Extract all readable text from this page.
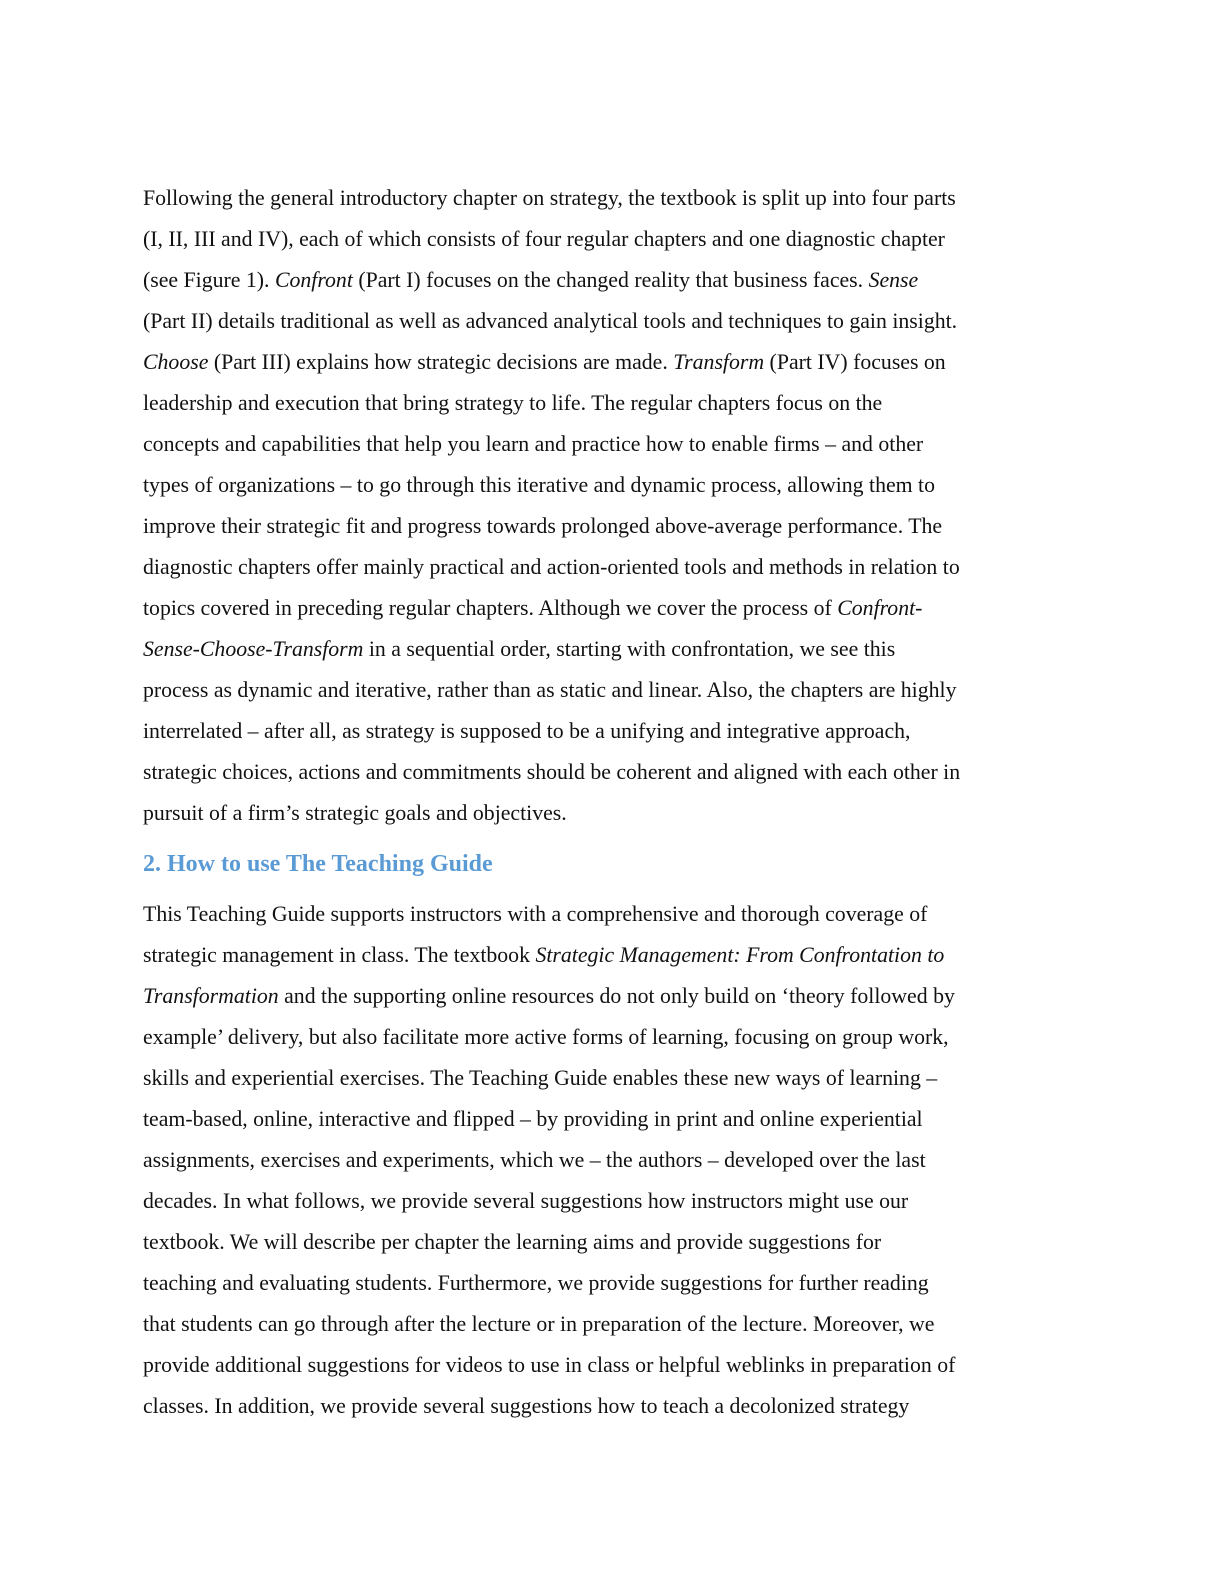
Following the general introductory chapter on strategy, the textbook is split up into four parts
(I, II, III and IV), each of which consists of four regular chapters and one diagnostic chapter
(see Figure 1). Confront (Part I) focuses on the changed reality that business faces. Sense
(Part II) details traditional as well as advanced analytical tools and techniques to gain insight.
Choose (Part III) explains how strategic decisions are made. Transform (Part IV) focuses on
leadership and execution that bring strategy to life. The regular chapters focus on the
concepts and capabilities that help you learn and practice how to enable firms – and other
types of organizations – to go through this iterative and dynamic process, allowing them to
improve their strategic fit and progress towards prolonged above-average performance. The
diagnostic chapters offer mainly practical and action-oriented tools and methods in relation to
topics covered in preceding regular chapters. Although we cover the process of Confront-
Sense-Choose-Transform in a sequential order, starting with confrontation, we see this
process as dynamic and iterative, rather than as static and linear. Also, the chapters are highly
interrelated – after all, as strategy is supposed to be a unifying and integrative approach,
strategic choices, actions and commitments should be coherent and aligned with each other in
pursuit of a firm’s strategic goals and objectives.
2. How to use The Teaching Guide
This Teaching Guide supports instructors with a comprehensive and thorough coverage of
strategic management in class. The textbook Strategic Management: From Confrontation to
Transformation and the supporting online resources do not only build on ‘theory followed by
example’ delivery, but also facilitate more active forms of learning, focusing on group work,
skills and experiential exercises. The Teaching Guide enables these new ways of learning –
team-based, online, interactive and flipped – by providing in print and online experiential
assignments, exercises and experiments, which we – the authors – developed over the last
decades. In what follows, we provide several suggestions how instructors might use our
textbook. We will describe per chapter the learning aims and provide suggestions for
teaching and evaluating students. Furthermore, we provide suggestions for further reading
that students can go through after the lecture or in preparation of the lecture. Moreover, we
provide additional suggestions for videos to use in class or helpful weblinks in preparation of
classes. In addition, we provide several suggestions how to teach a decolonized strategy
